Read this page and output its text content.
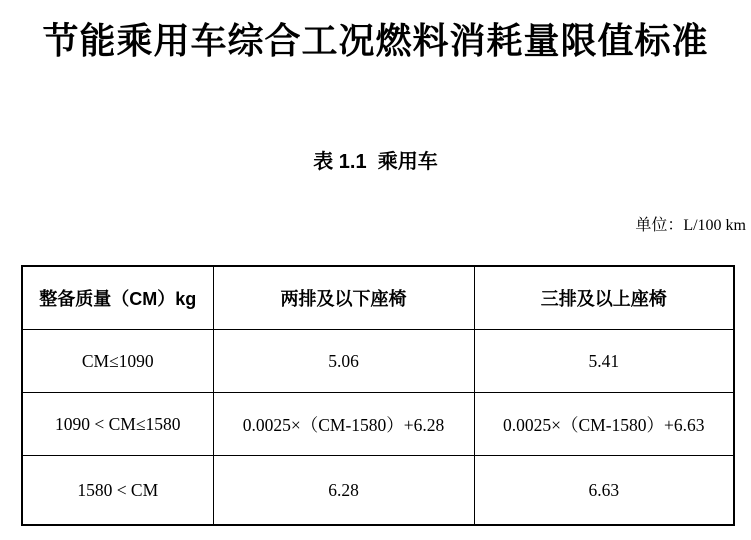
节能乘用车综合工况燃料消耗量限值标准
表 1.1  乘用车
单位：L/100 km
整备质量（CM）kg	两排及以下座椅	三排及以上座椅
CM≤1090	5.06	5.41
1090 < CM≤1580	0.0025×（CM-1580）+6.28	0.0025×（CM-1580）+6.63
1580 < CM	6.28	6.63
